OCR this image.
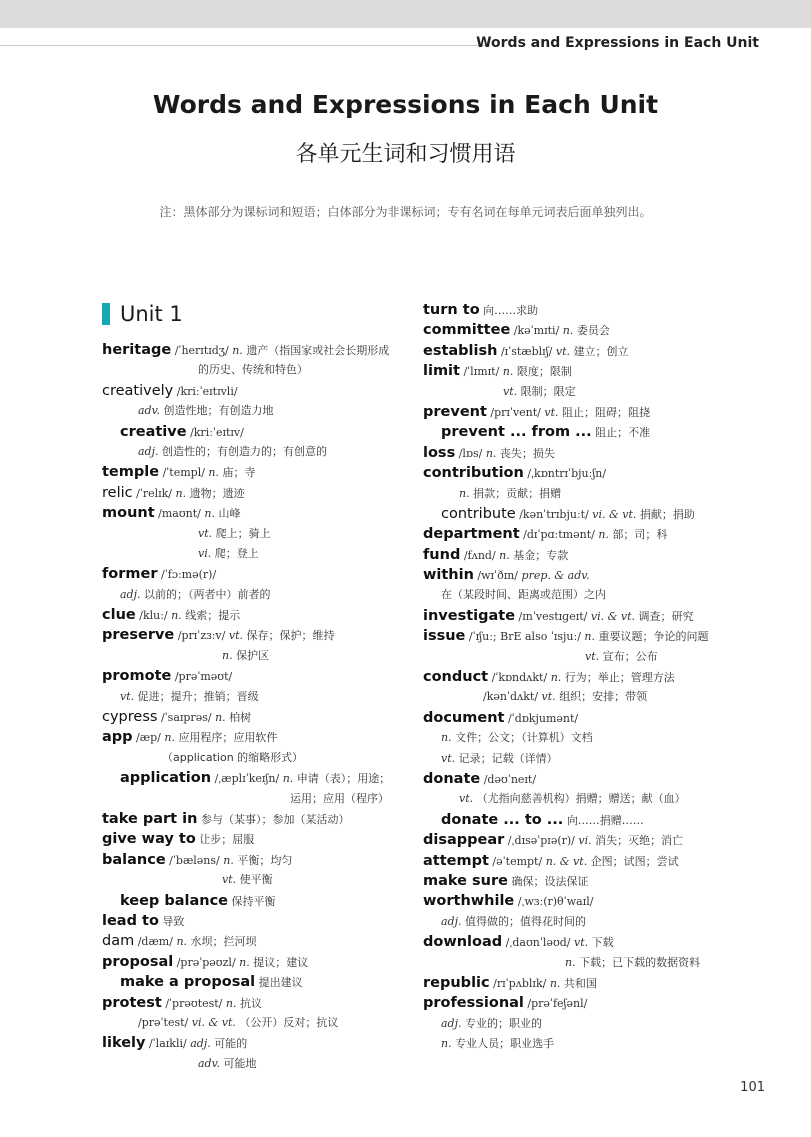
Words and Expressions in Each Unit
Words and Expressions in Each Unit
各单元生词和习惯用语
注：黑体部分为课标词和短语；白体部分为非课标词；专有名词在每单元词表后面单独列出。
Unit 1
heritage /ˈherɪtɪdʒ/ n. 遗产（指国家或社会长期形成
的历史、传统和特色）
creatively /kriːˈeɪtɪvli/
adv. 创造性地；有创造力地
creative /kriːˈeɪtɪv/
adj. 创造性的；有创造力的；有创意的
temple /ˈtempl/ n. 庙；寺
relic /ˈrelɪk/ n. 遗物；遗迹
mount /maʊnt/ n. 山峰
vt. 爬上；骑上
vi. 爬；登上
former /ˈfɔːmə(r)/
adj. 以前的；（两者中）前者的
clue /kluː/ n. 线索；提示
preserve /prɪˈzɜːv/ vt. 保存；保护；维持
n. 保护区
promote /prəˈməʊt/
vt. 促进；提升；推销；晋级
cypress /ˈsaɪprəs/ n. 柏树
app /æp/ n. 应用程序；应用软件
（application 的缩略形式）
application /ˌæplɪˈkeɪʃn/ n. 申请（表）；用途；
运用；应用（程序）
take part in 参与（某事）；参加（某活动）
give way to 让步；屈服
balance /ˈbæləns/ n. 平衡；均匀
vt. 使平衡
keep balance 保持平衡
lead to 导致
dam /dæm/ n. 水坝；拦河坝
proposal /prəˈpəʊzl/ n. 提议；建议
make a proposal 提出建议
protest /ˈprəʊtest/ n. 抗议
/prəˈtest/ vi. & vt. （公开）反对；抗议
likely /ˈlaɪkli/ adj. 可能的
adv. 可能地
turn to 向……求助
committee /kəˈmɪti/ n. 委员会
establish /ɪˈstæblɪʃ/ vt. 建立；创立
limit /ˈlɪmɪt/ n. 限度；限制
vt. 限制；限定
prevent /prɪˈvent/ vt. 阻止；阻碍；阻挠
prevent ... from ... 阻止；不准
loss /lɒs/ n. 丧失；损失
contribution /ˌkɒntrɪˈbjuːʃn/
n. 捐款；贡献；捐赠
contribute /kənˈtrɪbjuːt/ vi. & vt. 捐献；捐助
department /dɪˈpɑːtmənt/ n. 部；司；科
fund /fʌnd/ n. 基金；专款
within /wɪˈðɪn/ prep. & adv.
在（某段时间、距离或范围）之内
investigate /ɪnˈvestɪɡeɪt/ vi. & vt. 调查；研究
issue /ˈɪʃuː; BrE also ˈɪsjuː/ n. 重要议题；争论的问题
vt. 宣布；公布
conduct /ˈkɒndʌkt/ n. 行为；举止；管理方法
/kənˈdʌkt/ vt. 组织；安排；带领
document /ˈdɒkjumənt/
n. 文件；公文；（计算机）文档
vt. 记录；记载（详情）
donate /dəʊˈneɪt/
vt. （尤指向慈善机构）捐赠；赠送；献（血）
donate ... to ... 向……捐赠……
disappear /ˌdɪsəˈpɪə(r)/ vi. 消失；灭绝；消亡
attempt /əˈtempt/ n. & vt. 企图；试图；尝试
make sure 确保；设法保证
worthwhile /ˌwɜː(r)θˈwaɪl/
adj. 值得做的；值得花时间的
download /ˌdaʊnˈləʊd/ vt. 下载
n. 下载；已下载的数据资料
republic /rɪˈpʌblɪk/ n. 共和国
professional /prəˈfeʃənl/
adj. 专业的；职业的
n. 专业人员；职业选手
101
